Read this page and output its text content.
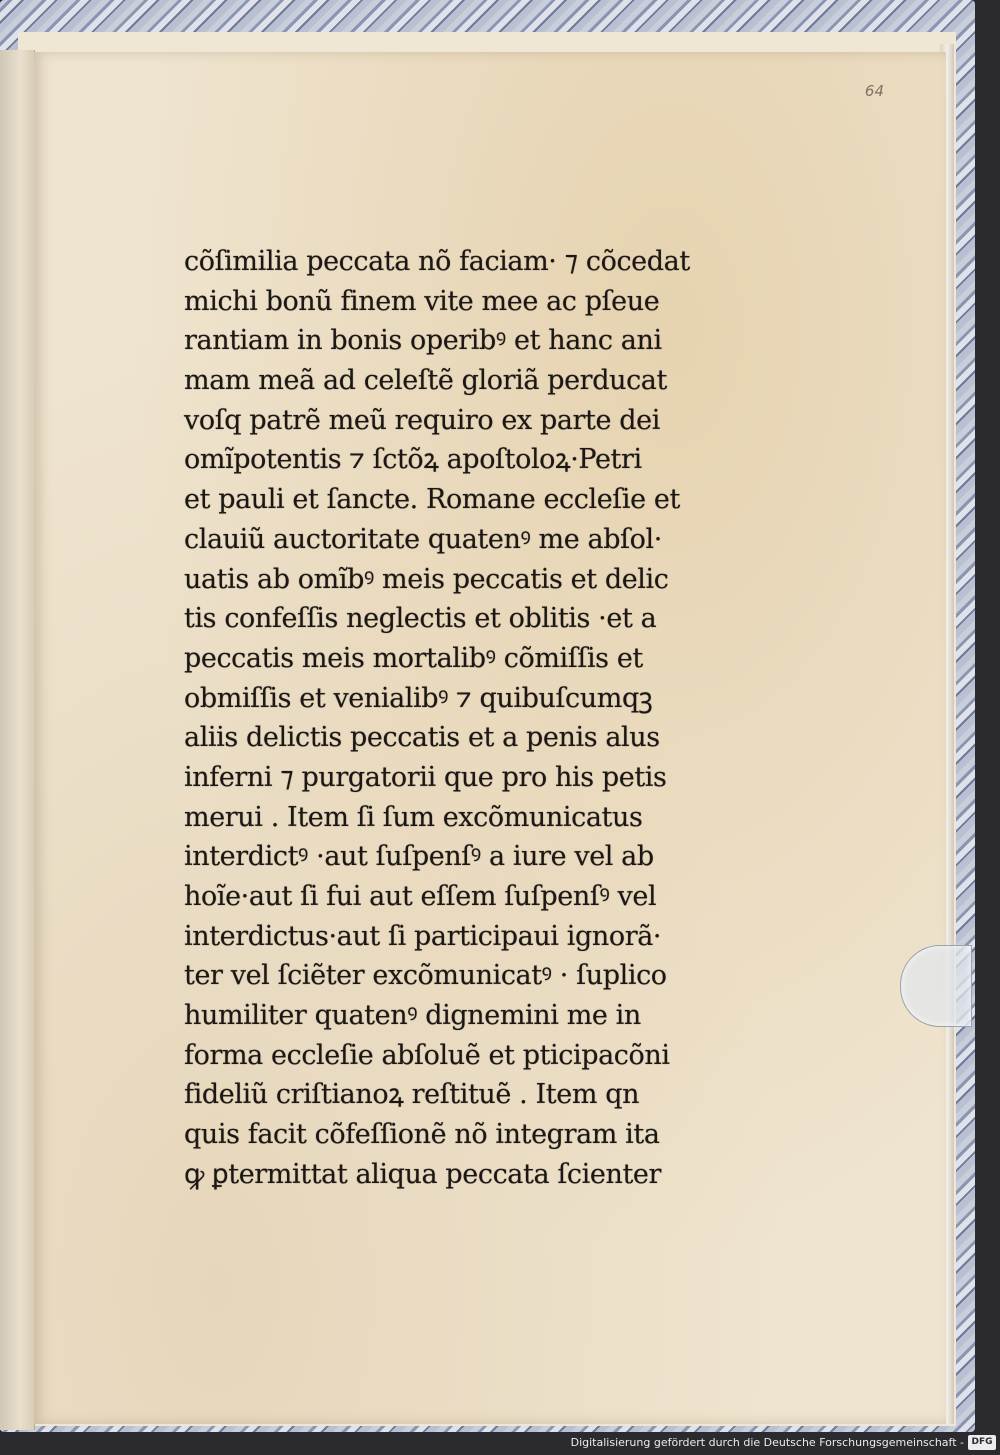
64
cõſimilia peccata nõ faciam· ⁊ cõcedat
michi bonũ finem vite mee ac pſeue
rantiam in bonis operibꝰ et hanc ani
mam meã ad celeſtẽ gloriã perducat
voſq patrẽ meũ requiro ex parte dei
omĩpotentis ⁊ ſctõꝝ apoſtoloꝝ·Petri
et pauli et ſancte. Romane eccleſie et
clauiũ auctoritate quatenꝰ me abſol·
uatis ab omĩbꝰ meis peccatis et delic
tis confeſſis neglectis et oblitis ·et a
peccatis meis mortalibꝰ cõmiſſis et
obmiſſis et venialibꝰ ⁊ quibuſcumqꝫ
aliis delictis peccatis et a penis alus
inferni ⁊ purgatorii que pro his petis
merui . Item ſi ſum excõmunicatus
interdictꝰ ·aut ſuſpenſꝰ a iure vel ab
hoĩe·aut ſi fui aut eſſem ſuſpenſꝰ vel
interdictus·aut ſi participaui ignorã·
ter vel ſciẽter excõmunicatꝰ · ſuplico
humiliter quatenꝰ dignemini me in
forma eccleſie abſoluẽ et pticipacõni
fideliũ criſtianoꝝ reſtituẽ . Item qn
quis facit cõfeſſionẽ nõ integram ita
ꝙ ꝑtermittat aliqua peccata ſcienter
Digitalisierung gefördert durch die Deutsche Forschungsgemeinschaft - DFG
